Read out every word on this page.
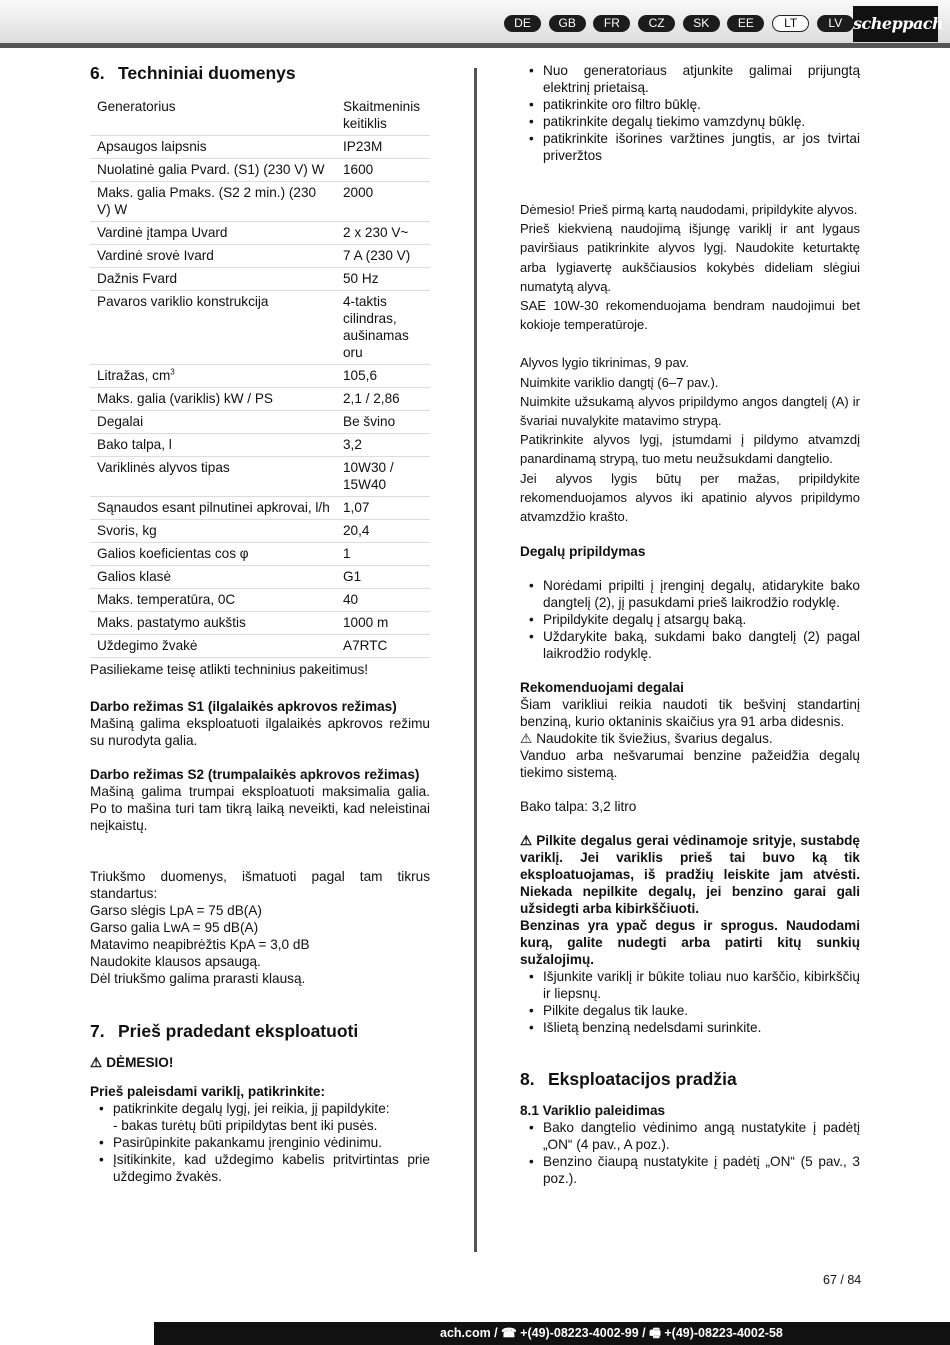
DE	GB	FR	CZ	SK	EE	LT	LV scheppach
6. Techniniai duomenys
Generatorius	Skaitmeninis keitiklis
Apsaugos laipsnis	IP23M
Nuolatinė galia Pvard. (S1) (230 V) W	1600
Maks. galia Pmaks. (S2 2 min.) (230 V) W	2000
Vardinė įtampa Uvard	2 x 230 V~
Vardinė srovė Ivard	7 A (230 V)
Dažnis Fvard	50 Hz
Pavaros variklio konstrukcija	4-taktis cilindras, aušinamas oru
Litražas, $cm^3$	105,6
Maks. galia (variklis) kW / PS	2,1 / 2,86
Degalai	Be švino
Bako talpa, l	3,2
Variklinės alyvos tipas	10W30 / 15W40
Sąnaudos esant pilnutinei apkrovai, l/h	1,07
Svoris, kg	20,4
Galios koeficientas cos φ	1
Galios klasė	G1
Maks. temperatūra, 0C	40
Maks. pastatymo aukštis	1000 m
Uždegimo žvakė	A7RTC

Pasiliekame teisę atlikti techninius pakeitimus!

Darbo režimas S1 (ilgalaikės apkrovos režimas)

Mašiną galima eksploatuoti ilgalaikės apkrovos režimu su nurodyta galia.

Darbo režimas S2 (trumpalaikės apkrovos režimas)

Mašiną galima trumpai eksploatuoti maksimalia galia. Po to mašina turi tam tikrą laiką neveikti, kad neleistinai neįkaistų.

Triukšmo duomenys, išmatuoti pagal tam tikrus standartus:

Garso slėgis LpA = 75 dB(A)

Garso galia LwA = 95 dB(A)

Matavimo neapibrėžtis KpA = 3,0 dB

Naudokite klausos apsaugą.

Dėl triukšmo galima prarasti klausą.

7. Prieš pradedant eksploatuoti

⚠ DĖMESIO!

Prieš paleisdami variklį, patikrinkite:
• patikrinkite degalų lygį, jei reikia, jį papildykite:
- bakas turėtų būti pripildytas bent iki pusės.
• Pasirūpinkite pakankamu įrenginio vėdinimu.
• Įsitikinkite, kad uždegimo kabelis pritvirtintas prie uždegimo žvakės.
• Nuo generatoriaus atjunkite galimai prijungtą elektrinį prietaisą.
• patikrinkite oro filtro būklę.
• patikrinkite degalų tiekimo vamzdynų būklę.
• patikrinkite išorines varžtines jungtis, ar jos tvirtai priveržtos

Dėmesio! Prieš pirmą kartą naudodami, pripildykite alyvos.

Prieš kiekvieną naudojimą išjungę variklį ir ant lygaus paviršiaus patikrinkite alyvos lygį. Naudokite keturtaktę arba lygiavertę aukščiausios kokybės dideliam slėgiui numatytą alyvą.

SAE 10W-30 rekomenduojama bendram naudojimui bet kokioje temperatūroje.

Alyvos lygio tikrinimas, 9 pav.

Nuimkite variklio dangtį (6–7 pav.).

Nuimkite užsukamą alyvos pripildymo angos dangtelį (A) ir švariai nuvalykite matavimo strypą.

Patikrinkite alyvos lygį, įstumdami į pildymo atvamzdį panardinamą strypą, tuo metu neužsukdami dangtelio.

Jei alyvos lygis būtų per mažas, pripildykite rekomenduojamos alyvos iki apatinio alyvos pripildymo atvamzdžio krašto.

Degalų pripildymas
• Norėdami pripilti į įrenginį degalų, atidarykite bako dangtelį (2), jį pasukdami prieš laikrodžio rodyklę.
• Pripildykite degalų į atsargų baką.
• Uždarykite baką, sukdami bako dangtelį (2) pagal laikrodžio rodyklę.
Rekomenduojami degalai

Šiam varikliui reikia naudoti tik bešvinį standartinį benziną, kurio oktaninis skaičius yra 91 arba didesnis.

⚠ Naudokite tik šviežius, švarius degalus.

Vanduo arba nešvarumai benzine pažeidžia degalų tiekimo sistemą.

Bako talpa: 3,2 litro

⚠ Pilkite degalus gerai vėdinamoje srityje, sustabdę variklį. Jei variklis prieš tai buvo ką tik eksploatuojamas, iš pradžių leiskite jam atvėsti. Niekada nepilkite degalų, jei benzino garai gali užsidegti arba kibirkščiuoti.

Benzinas yra ypač degus ir sprogus. Naudodami kurą, galite nudegti arba patirti kitų sunkių sužalojimų.

• Išjunkite variklį ir būkite toliau nuo karščio, kibirkščių ir liepsnų.
• Pilkite degalus tik lauke.
• Išlietą benziną nedelsdami surinkite.
8. Eksploatacijos pradžia
8.1 Variklio paleidimas
• Bako dangtelio vėdinimo angą nustatykite į padėtį „ON“ (4 pav., A poz.).
• Benzino čiaupą nustatykite į padėtį „ON“ (5 pav., 3 poz.).
67 / 84
ach.com / ☎ +(49)-08223-4002-99 / 🖷 +(49)-08223-4002-58
